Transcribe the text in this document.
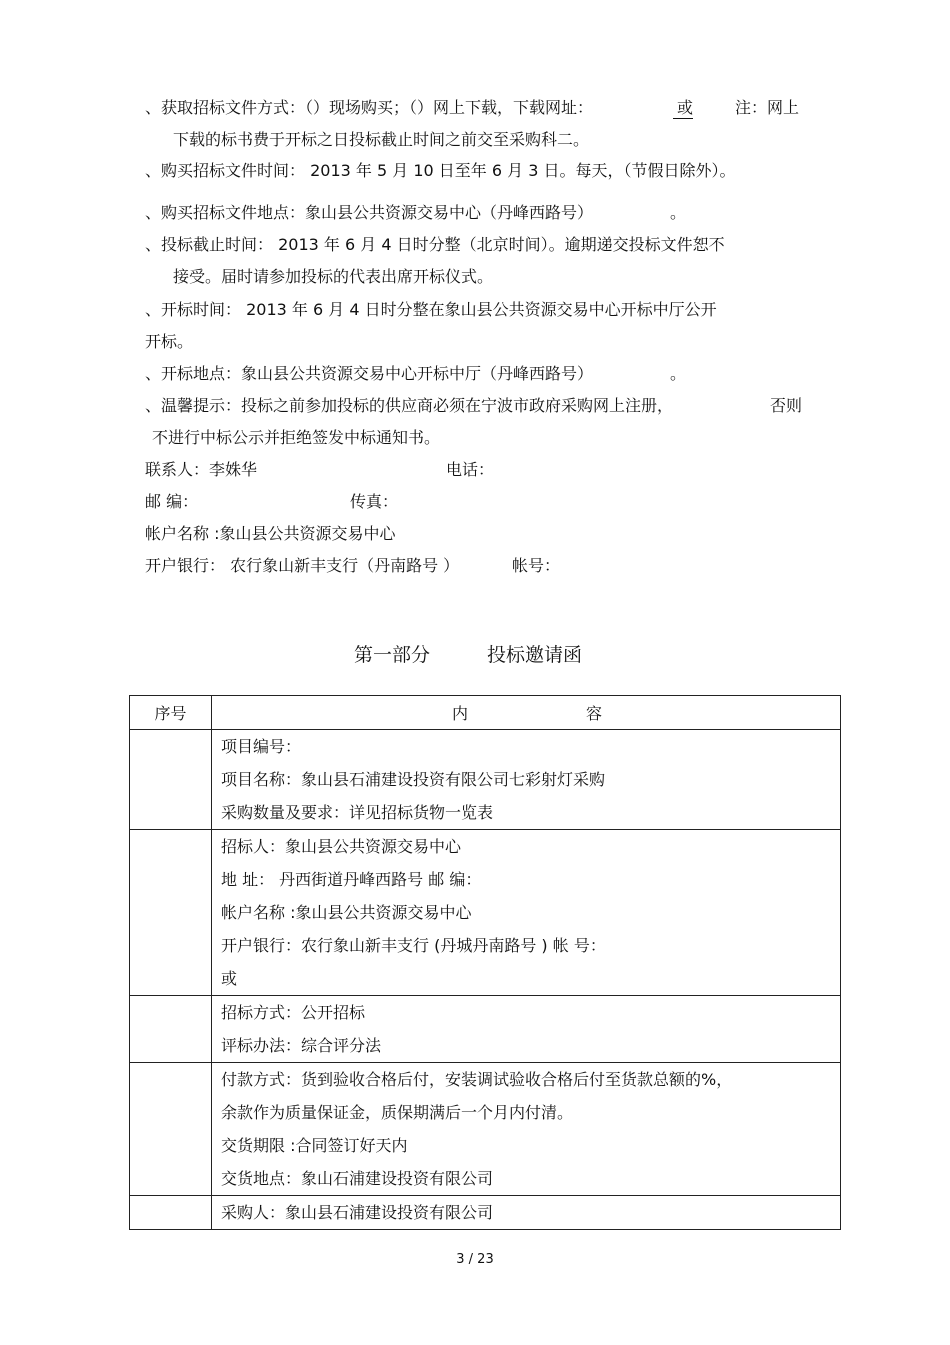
、获取招标文件方式：（）现场购买；（）网上下载，下载网址：	或	注：网上
下载的标书费于开标之日投标截止时间之前交至采购科二。
、购买招标文件时间： 2013 年 5 月 10 日至年 6 月 3 日。每天，（节假日除外）。
、购买招标文件地点：象山县公共资源交易中心（丹峰西路号）	。
、投标截止时间： 2013 年 6 月 4 日时分整（北京时间）。逾期递交投标文件恕不
接受。届时请参加投标的代表出席开标仪式。
、开标时间： 2013 年 6 月 4 日时分整在象山县公共资源交易中心开标中厅公开
开标。
、开标地点：象山县公共资源交易中心开标中厅（丹峰西路号）	。
、温馨提示：投标之前参加投标的供应商必须在宁波市政府采购网上注册，	否则
不进行中标公示并拒绝签发中标通知书。
联系人：李姝华	电话：
邮 编：	传真：
帐户名称 :象山县公共资源交易中心
开户银行： 农行象山新丰支行（丹南路号 ）	帐号：
第一部分	投标邀请函
序号	内 容

	项目编号：
项目名称：象山县石浦建设投资有限公司七彩射灯采购
采购数量及要求：详见招标货物一览表

	招标人：象山县公共资源交易中心
地 址： 丹西街道丹峰西路号 邮 编：
帐户名称 :象山县公共资源交易中心
开户银行：农行象山新丰支行 (丹城丹南路号 ) 帐 号：
或

	招标方式：公开招标
评标办法：综合评分法

	付款方式：货到验收合格后付，安装调试验收合格后付至货款总额的%，
余款作为质量保证金，质保期满后一个月内付清。
交货期限 :合同签订好天内
交货地点：象山石浦建设投资有限公司

	采购人：象山县石浦建设投资有限公司
3 / 23
